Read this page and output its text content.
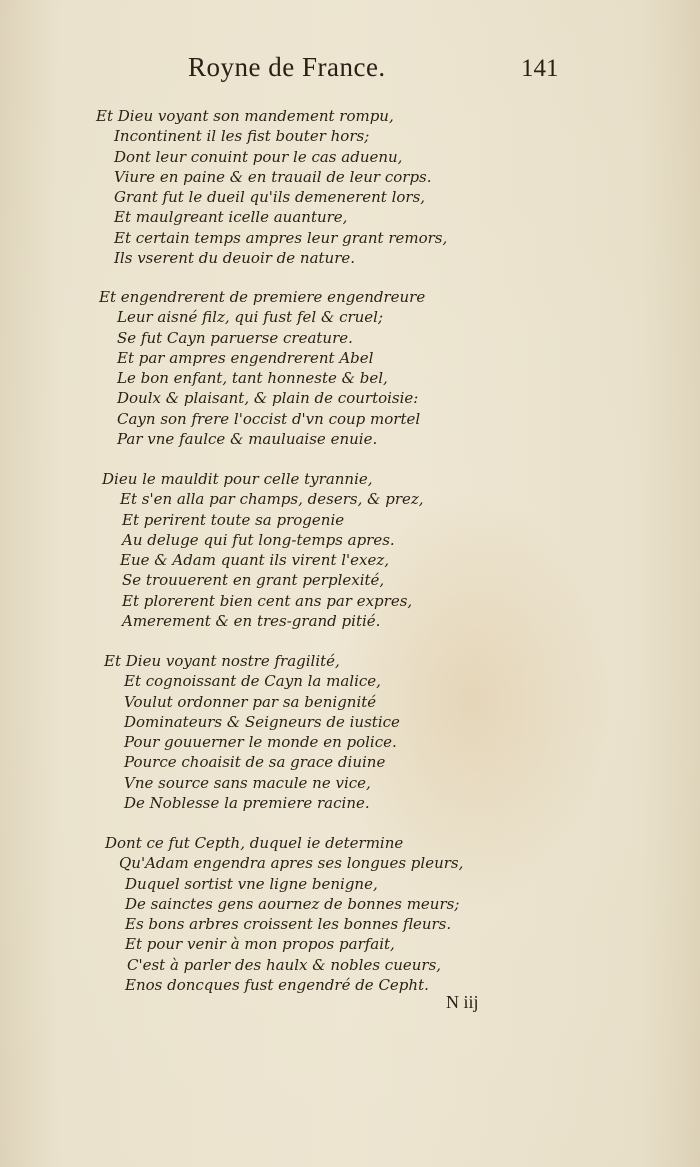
Royne de France.	141
Et Dieu voyant son mandement rompu,
Incontinent il les fist bouter hors;
Dont leur conuint pour le cas aduenu,
Viure en paine & en trauail de leur corps.
Grant fut le dueil qu'ils demenerent lors,
Et maulgreant icelle auanture,
Et certain temps ampres leur grant remors,
Ils vserent du deuoir de nature.
Et engendrerent de premiere engendreure
Leur aisné filz, qui fust fel & cruel;
Se fut Cayn paruerse creature.
Et par ampres engendrerent Abel
Le bon enfant, tant honneste & bel,
Doulx & plaisant, & plain de courtoisie:
Cayn son frere l'occist d'vn coup mortel
Par vne faulce & mauluaise enuie.
Dieu le mauldit pour celle tyrannie,
Et s'en alla par champs, desers, & prez,
Et perirent toute sa progenie
Au deluge qui fut long-temps apres.
Eue & Adam quant ils virent l'exez,
Se trouuerent en grant perplexité,
Et plorerent bien cent ans par expres,
Amerement & en tres-grand pitié.
Et Dieu voyant nostre fragilité,
Et cognoissant de Cayn la malice,
Voulut ordonner par sa benignité
Dominateurs & Seigneurs de iustice
Pour gouuerner le monde en police.
Pource choaisit de sa grace diuine
Vne source sans macule ne vice,
De Noblesse la premiere racine.
Dont ce fut Cepth, duquel ie determine
Qu'Adam engendra apres ses longues pleurs,
Duquel sortist vne ligne benigne,
De sainctes gens aournez de bonnes meurs;
Es bons arbres croissent les bonnes fleurs.
Et pour venir à mon propos parfait,
C'est à parler des haulx & nobles cueurs,
Enos doncques fust engendré de Cepht.
N iij
